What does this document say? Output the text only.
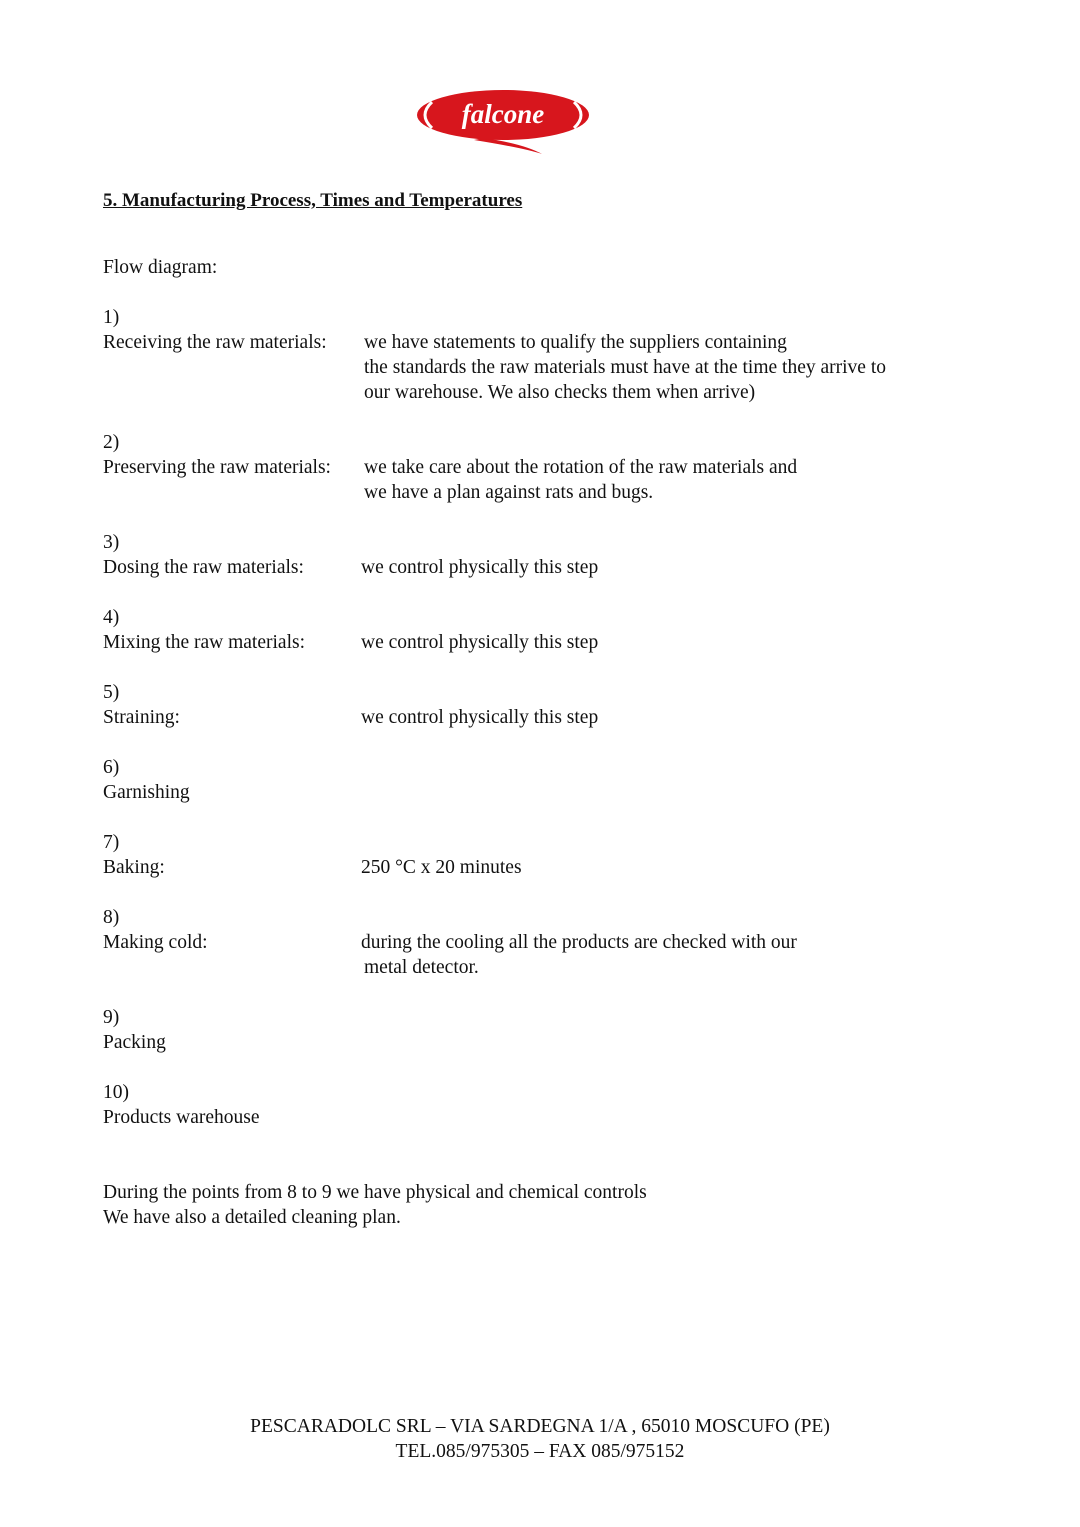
falcone
5. Manufacturing Process, Times and Temperatures
Flow diagram:
1)
Receiving the raw materials: we have statements to qualify the suppliers containing
the standards the raw materials must have at the time they arrive to
our warehouse. We also checks them when arrive)
2)
Preserving the raw materials: we take care about the rotation of the raw materials and
we have a plan against rats and bugs.
3)
Dosing the raw materials:	we control physically this step
4)
Mixing the raw materials:	we control physically this step
5)
Straining:	we control physically this step
6)
Garnishing
7)
Baking:	250 °C x 20 minutes
8)
Making cold:	during the cooling all the products are checked with our
metal detector.
9)
Packing
10)
Products warehouse
During the points from 8 to 9 we have physical and chemical controls
We have also a detailed cleaning plan.
PESCARADOLC SRL – VIA SARDEGNA 1/A , 65010 MOSCUFO (PE)
TEL.085/975305 – FAX 085/975152
